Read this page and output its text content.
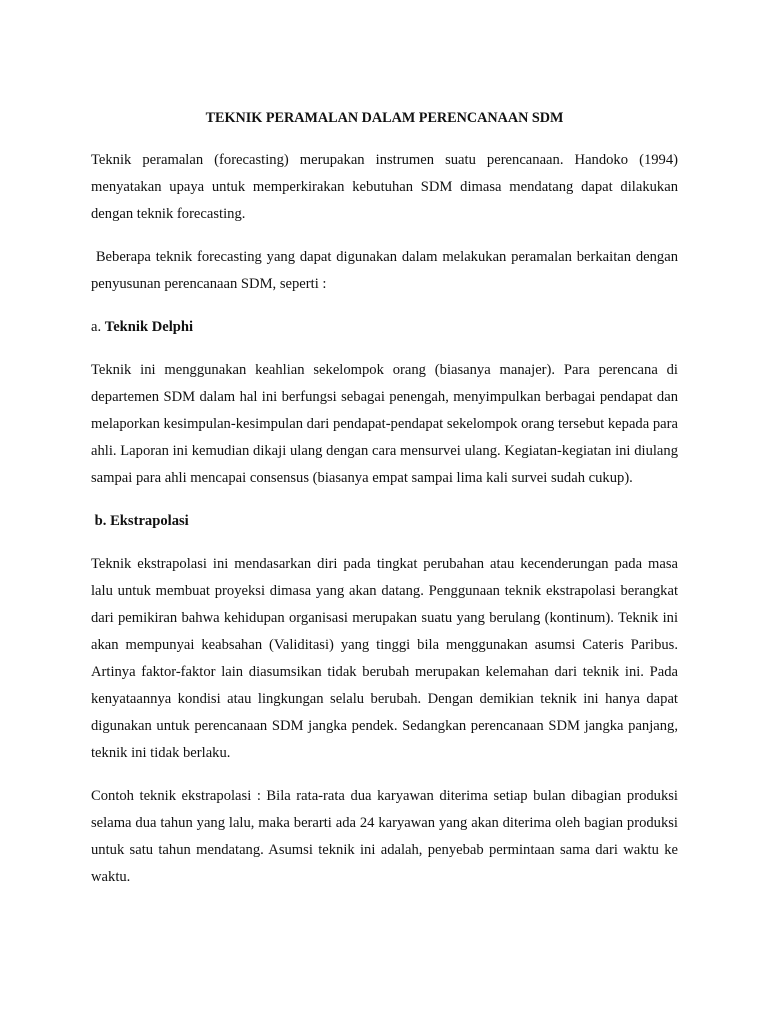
TEKNIK PERAMALAN DALAM PERENCANAAN SDM

Teknik peramalan (forecasting) merupakan instrumen suatu perencanaan. Handoko (1994) menyatakan upaya untuk memperkirakan kebutuhan SDM dimasa mendatang dapat dilakukan dengan teknik forecasting.

Beberapa teknik forecasting yang dapat digunakan dalam melakukan peramalan berkaitan dengan penyusunan perencanaan SDM, seperti :

a. Teknik Delphi

Teknik ini menggunakan keahlian sekelompok orang (biasanya manajer). Para perencana di departemen SDM dalam hal ini berfungsi sebagai penengah, menyimpulkan berbagai pendapat dan melaporkan kesimpulan-kesimpulan dari pendapat-pendapat sekelompok orang tersebut kepada para ahli. Laporan ini kemudian dikaji ulang dengan cara mensurvei ulang. Kegiatan-kegiatan ini diulang sampai para ahli mencapai consensus (biasanya empat sampai lima kali survei sudah cukup).

b. Ekstrapolasi

Teknik ekstrapolasi ini mendasarkan diri pada tingkat perubahan atau kecenderungan pada masa lalu untuk membuat proyeksi dimasa yang akan datang. Penggunaan teknik ekstrapolasi berangkat dari pemikiran bahwa kehidupan organisasi merupakan suatu yang berulang (kontinum). Teknik ini akan mempunyai keabsahan (Validitasi) yang tinggi bila menggunakan asumsi Cateris Paribus. Artinya faktor-faktor lain diasumsikan tidak berubah merupakan kelemahan dari teknik ini. Pada kenyataannya kondisi atau lingkungan selalu berubah. Dengan demikian teknik ini hanya dapat digunakan untuk perencanaan SDM jangka pendek. Sedangkan perencanaan SDM jangka panjang, teknik ini tidak berlaku.

Contoh teknik ekstrapolasi : Bila rata-rata dua karyawan diterima setiap bulan dibagian produksi selama dua tahun yang lalu, maka berarti ada 24 karyawan yang akan diterima oleh bagian produksi untuk satu tahun mendatang. Asumsi teknik ini adalah, penyebab permintaan sama dari waktu ke waktu.
